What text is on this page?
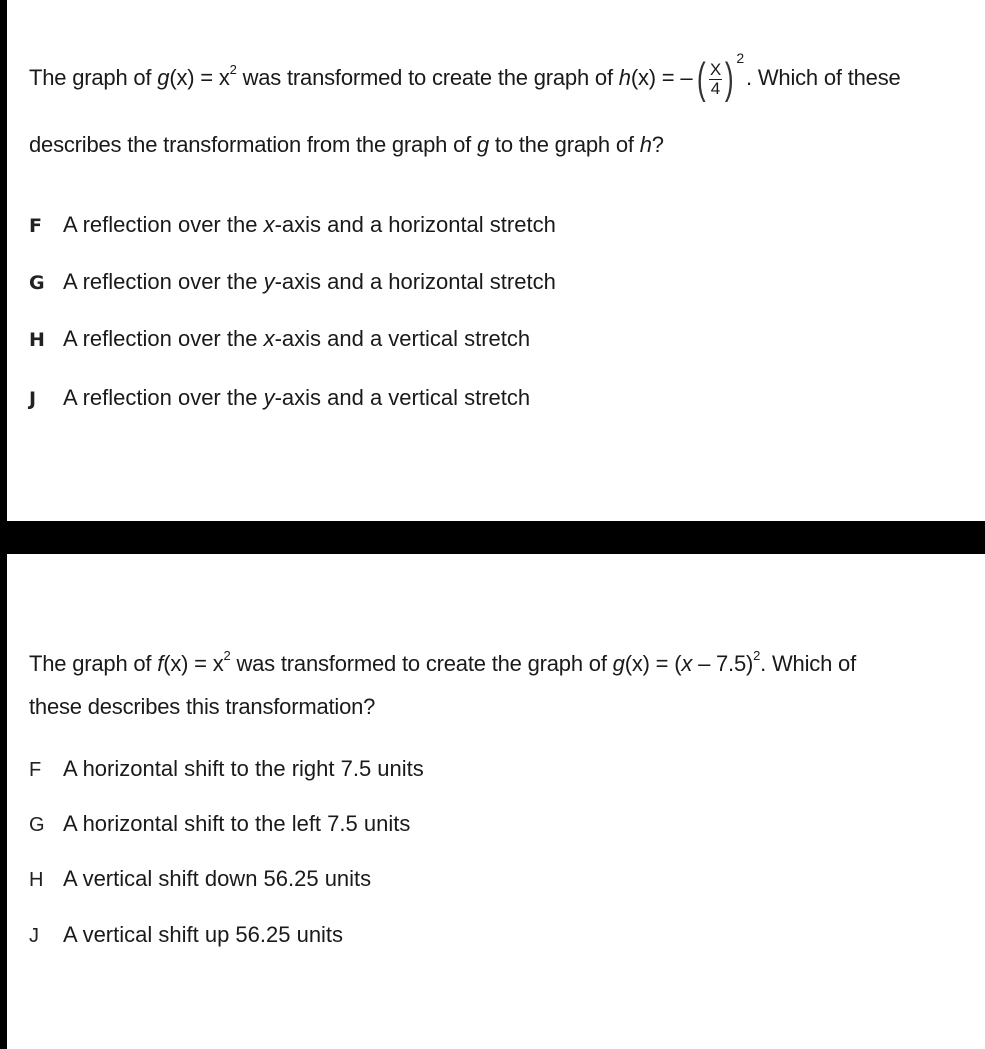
The graph of $g(x) = x^2$ was transformed to create the graph of h(x) = – ( $\frac{X}{4}$ ) $^2$. Which of these
describes the transformation from the graph of g to the graph of h?
F A reflection over the x-axis and a horizontal stretch
G A reflection over the y-axis and a horizontal stretch
H A reflection over the x-axis and a vertical stretch
J A reflection over the y-axis and a vertical stretch
The graph of $f(x) = x^2$ was transformed to create the graph of g(x) = (x – 7.5)$^2$. Which of
these describes this transformation?
F A horizontal shift to the right 7.5 units
G A horizontal shift to the left 7.5 units
H A vertical shift down 56.25 units
J A vertical shift up 56.25 units
